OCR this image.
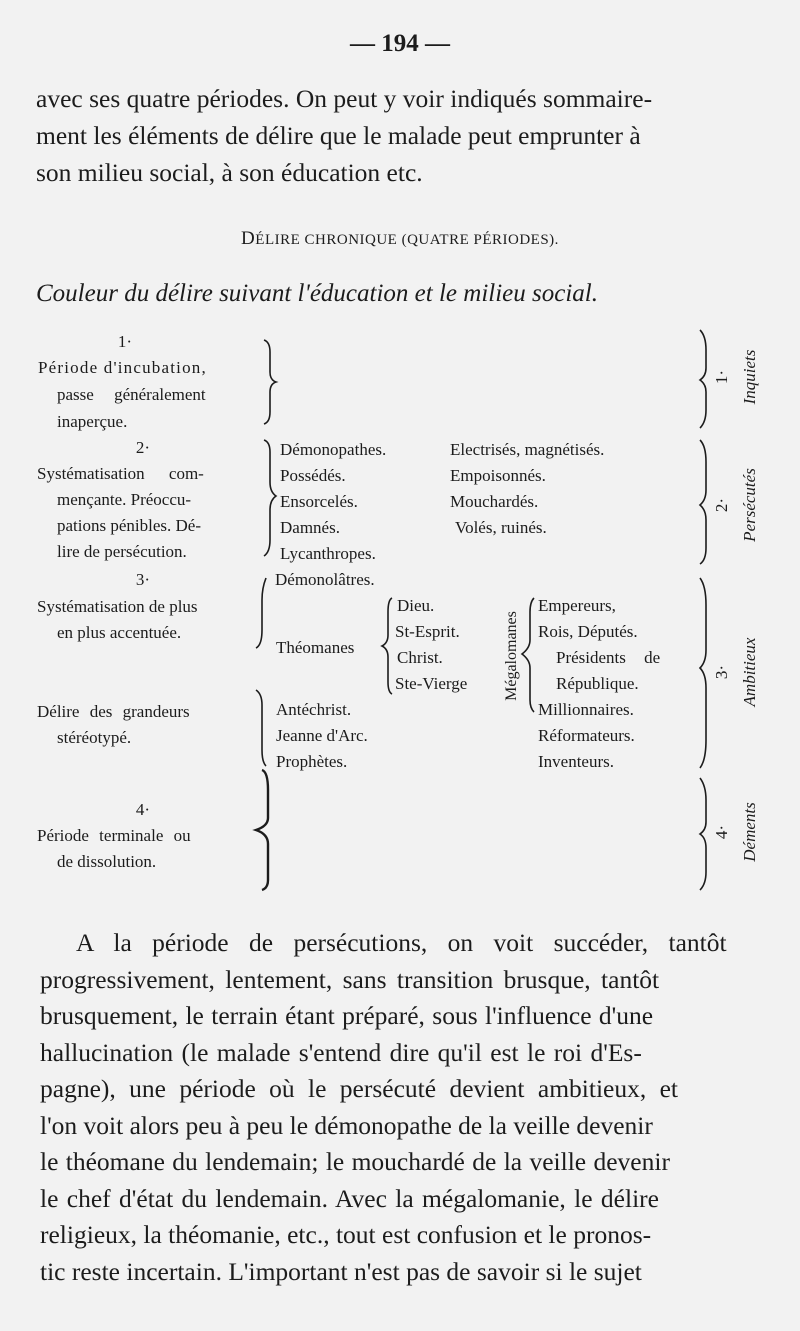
— 194 —
avec ses quatre périodes. On peut y voir indiqués sommaire-
ment les éléments de délire que le malade peut emprunter à
son milieu social, à son éducation etc.
DÉLIRE CHRONIQUE (QUATRE PÉRIODES).
Couleur du délire suivant l'éducation et le milieu social.
1·
Période d'incubation,
passe généralement
inaperçue.
2·
Systématisation com-
mençante. Préoccu-
pations pénibles. Dé-
lire de persécution.
3·
Systématisation de plus
en plus accentuée.
Délire des grandeurs
stéréotypé.
4·
Période terminale ou
de dissolution.
Démonopathes.
Possédés.
Ensorcelés.
Damnés.
Lycanthropes.
Démonolâtres.
Théomanes
Dieu.
St-Esprit.
Christ.
Ste-Vierge
Antéchrist.
Jeanne d'Arc.
Prophètes.
Electrisés, magnétisés.
Empoisonnés.
Mouchardés.
Volés, ruinés.
Mégalomanes
Empereurs,
Rois, Députés.
Présidents de
République.
Millionnaires.
Réformateurs.
Inventeurs.
1· Inquiets
2· Persécutés
3· Ambitieux
4· Déments
A la période de persécutions, on voit succéder, tantôt
progressivement, lentement, sans transition brusque, tantôt
brusquement, le terrain étant préparé, sous l'influence d'une
hallucination (le malade s'entend dire qu'il est le roi d'Es-
pagne), une période où le persécuté devient ambitieux, et
l'on voit alors peu à peu le démonopathe de la veille devenir
le théomane du lendemain; le mouchardé de la veille devenir
le chef d'état du lendemain. Avec la mégalomanie, le délire
religieux, la théomanie, etc., tout est confusion et le pronos-
tic reste incertain. L'important n'est pas de savoir si le sujet
